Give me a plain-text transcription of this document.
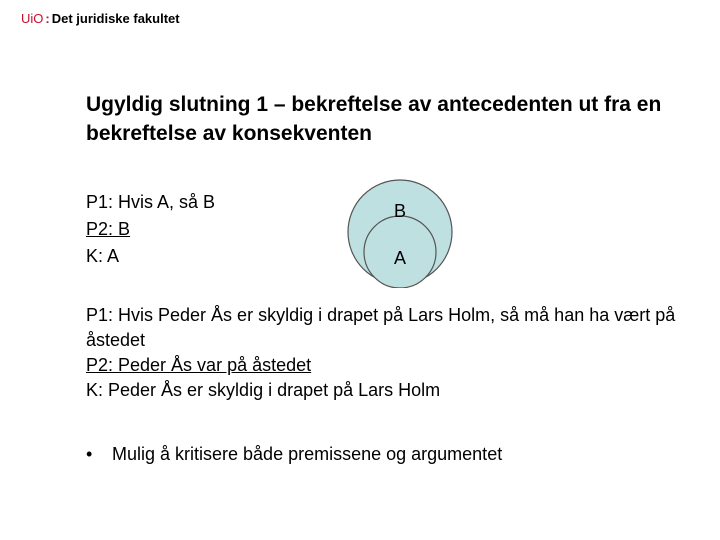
UiO : Det juridiske fakultet
Ugyldig slutning 1 – bekreftelse av antecedenten ut fra en bekreftelse av konsekventen
P1: Hvis A, så B
P2: B
K: A
B
A
P1: Hvis Peder Ås er skyldig i drapet på Lars Holm, så må han ha vært på åstedet
P2: Peder Ås var på åstedet
K: Peder Ås er skyldig i drapet på Lars Holm
• Mulig å kritisere både premissene og argumentet
